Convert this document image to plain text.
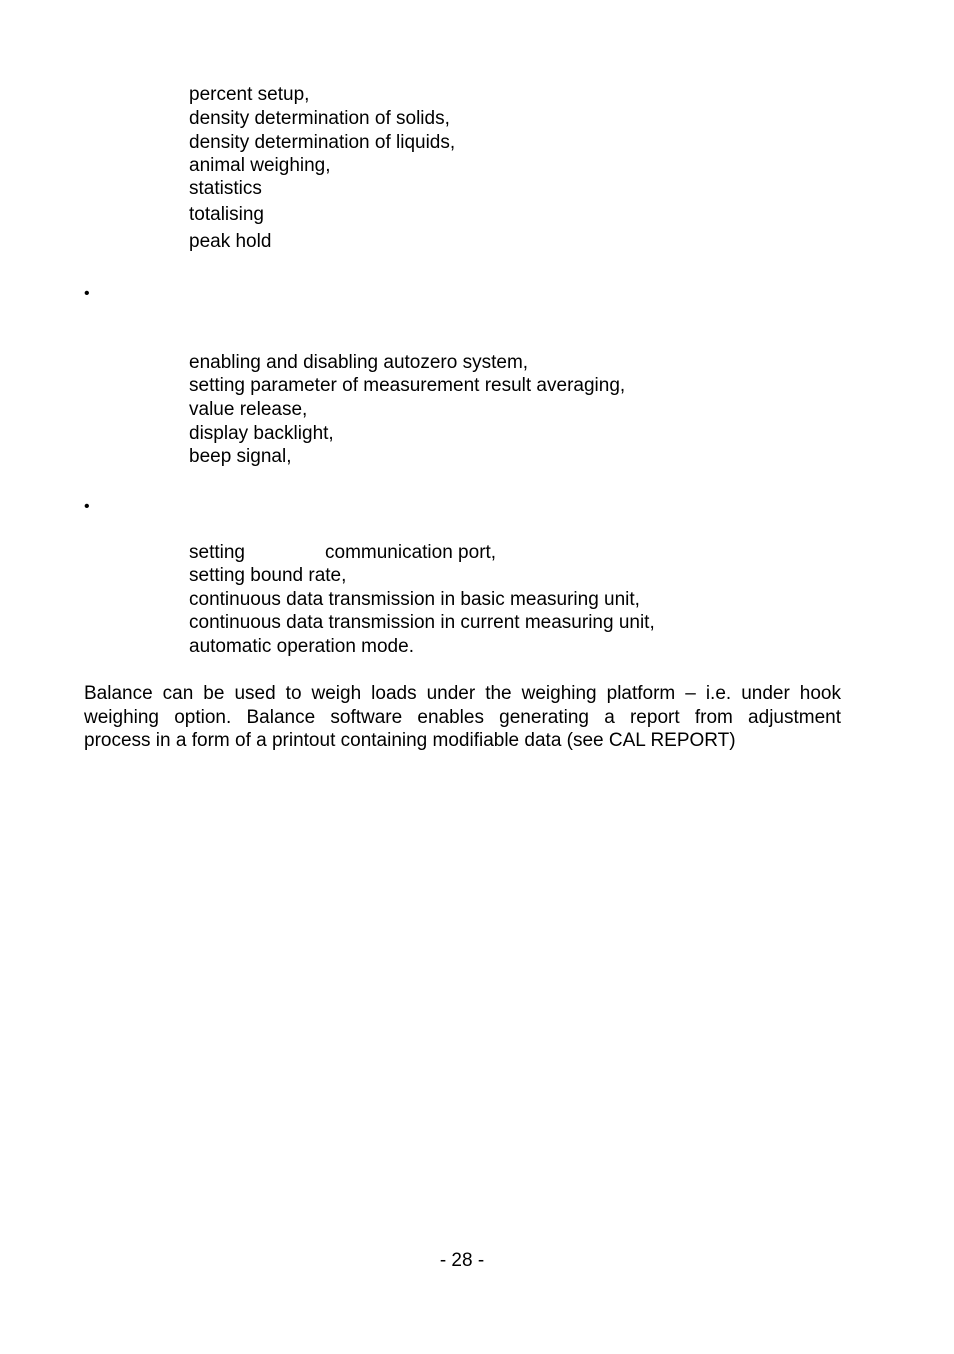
percent setup,
density determination of solids,
density determination of liquids,
animal weighing,
statistics
totalising
peak hold
•
enabling and disabling autozero system,
setting parameter of measurement result averaging,
value release,
display backlight,
beep signal,
•
setting	communication port,
setting bound rate,
continuous data transmission in basic measuring unit,
continuous data transmission in current measuring unit,
automatic operation mode.
Balance can be used to weigh loads under the weighing platform – i.e. under hook
weighing option. Balance software enables generating a report from adjustment
process in a form of a printout containing modifiable data (see CAL REPORT)
- 28 -
